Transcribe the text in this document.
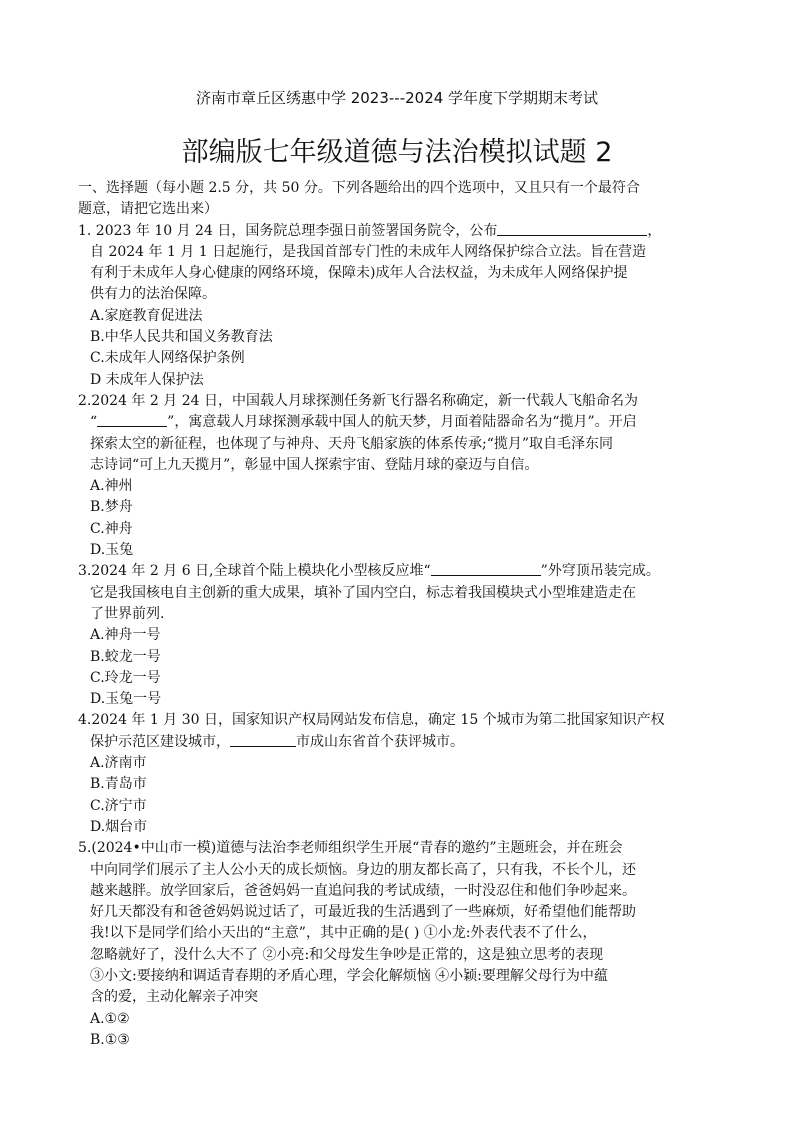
济南市章丘区绣惠中学 2023---2024 学年度下学期期末考试
部编版七年级道德与法治模拟试题 2
一、选择题（每小题 2.5 分，共 50 分。下列各题给出的四个选项中，又且只有一个最符合
题意，请把它选出来）
1. 2023 年 10 月 24 日，国务院总理李强日前签署国务院令，公布	，
自 2024 年 1 月 1 日起施行，是我国首部专门性的未成年人网络保护综合立法。旨在营造
有利于未成年人身心健康的网络环境，保障未)成年人合法权益，为未成年人网络保护提
供有力的法治保障。
A.家庭教育促进法
B.中华人民共和国义务教育法
C.未成年人网络保护条例
D 未成年人保护法
2.2024 年 2 月 24 日，中国载人月球探测任务新飞行器名称确定，新一代载人飞船命名为
“	”，寓意载人月球探测承载中国人的航天梦，月面着陆器命名为“揽月”。开启
探索太空的新征程，也体现了与神舟、天舟飞船家族的体系传承;“揽月”取自毛泽东同
志诗词“可上九天揽月”，彰显中国人探索宇宙、登陆月球的豪迈与自信。
A.神州
B.梦舟
C.神舟
D.玉兔
3.2024 年 2 月 6 日,全球首个陆上模块化小型核反应堆“	”外穹顶吊装完成。
它是我国核电自主创新的重大成果，填补了国内空白，标志着我国模块式小型堆建造走在
了世界前列.
A.神舟一号
B.蛟龙一号
C.玲龙一号
D.玉兔一号
4.2024 年 1 月 30 日，国家知识产权局网站发布信息，确定 15 个城市为第二批国家知识产权
保护示范区建设城市，	市成山东省首个获评城市。
A.济南市
B.青岛市
C.济宁市
D.烟台市
5.(2024•中山市一模)道德与法治李老师组织学生开展“青春的邀约”主题班会，并在班会
中向同学们展示了主人公小天的成长烦恼。身边的朋友都长高了，只有我，不长个儿，还
越来越胖。放学回家后，爸爸妈妈一直追问我的考试成绩，一时没忍住和他们争吵起来。
好几天都没有和爸爸妈妈说过话了，可最近我的生活遇到了一些麻烦，好希望他们能帮助
我!以下是同学们给小天出的“主意”，其中正确的是( ) ①小龙:外表代表不了什么，
忽略就好了，没什么大不了 ②小亮:和父母发生争吵是正常的，这是独立思考的表现
③小文:要接纳和调适青春期的矛盾心理，学会化解烦恼 ④小颖:要理解父母行为中蕴
含的爱，主动化解亲子冲突
A.①②
B.①③
